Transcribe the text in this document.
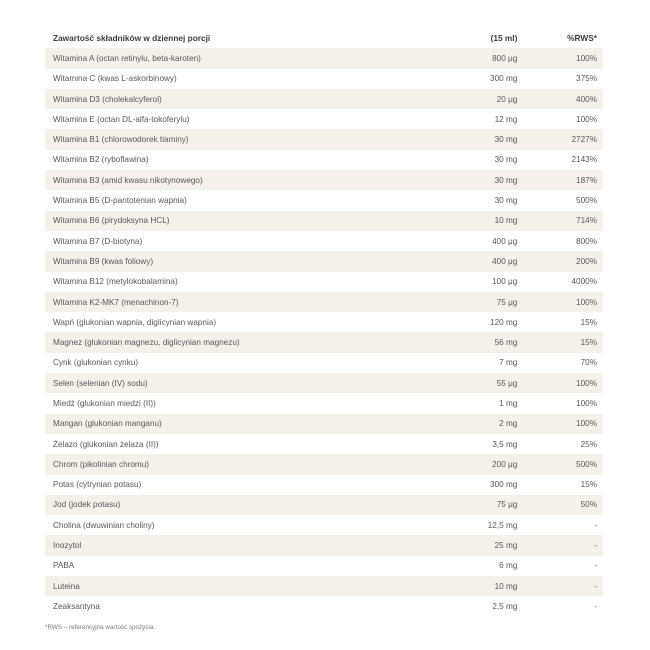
Zawartość składników w dziennej porcji	(15 ml)	%RWS*
Witamina A (octan retinylu, beta-karoten)	800 μg	100%
Witamina C (kwas L-askorbinowy)	300 mg	375%
Witamina D3 (cholekalcyferol)	20 μg	400%
Witamina E (octan DL-alfa-tokoferylu)	12 mg	100%
Witamina B1 (chlorowodorek tiaminy)	30 mg	2727%
Witamina B2 (ryboflawina)	30 mg	2143%
Witamina B3 (amid kwasu nikotynowego)	30 mg	187%
Witamina B5 (D-pantotenian wapnia)	30 mg	500%
Witamina B6 (pirydoksyna HCL)	10 mg	714%
Witamina B7 (D-biotyna)	400 μg	800%
Witamina B9 (kwas foliowy)	400 μg	200%
Witamina B12 (metylokobalamina)	100 μg	4000%
Witamina K2-MK7 (menachinon-7)	75 μg	100%
Wapń (glukonian wapnia, diglicynian wapnia)	120 mg	15%
Magnez (glukonian magnezu, diglicynian magnezu)	56 mg	15%
Cynk (glukonian cynku)	7 mg	70%
Selen (selenian (IV) sodu)	55 μg	100%
Miedź (glukonian miedzi (II))	1 mg	100%
Mangan (glukonian manganu)	2 mg	100%
Żelazo (glukonian żelaza (II))	3,5 mg	25%
Chrom (pikolinian chromu)	200 μg	500%
Potas (cytrynian potasu)	300 mg	15%
Jod (jodek potasu)	75 μg	50%
Cholina (dwuwinian choliny)	12,5 mg	-
Inozytol	25 mg	-
PABA	6 mg	-
Luteina	10 mg	-
Zeaksantyna	2,5 mg	-
*RWS – referencyjna wartość spożycia.
